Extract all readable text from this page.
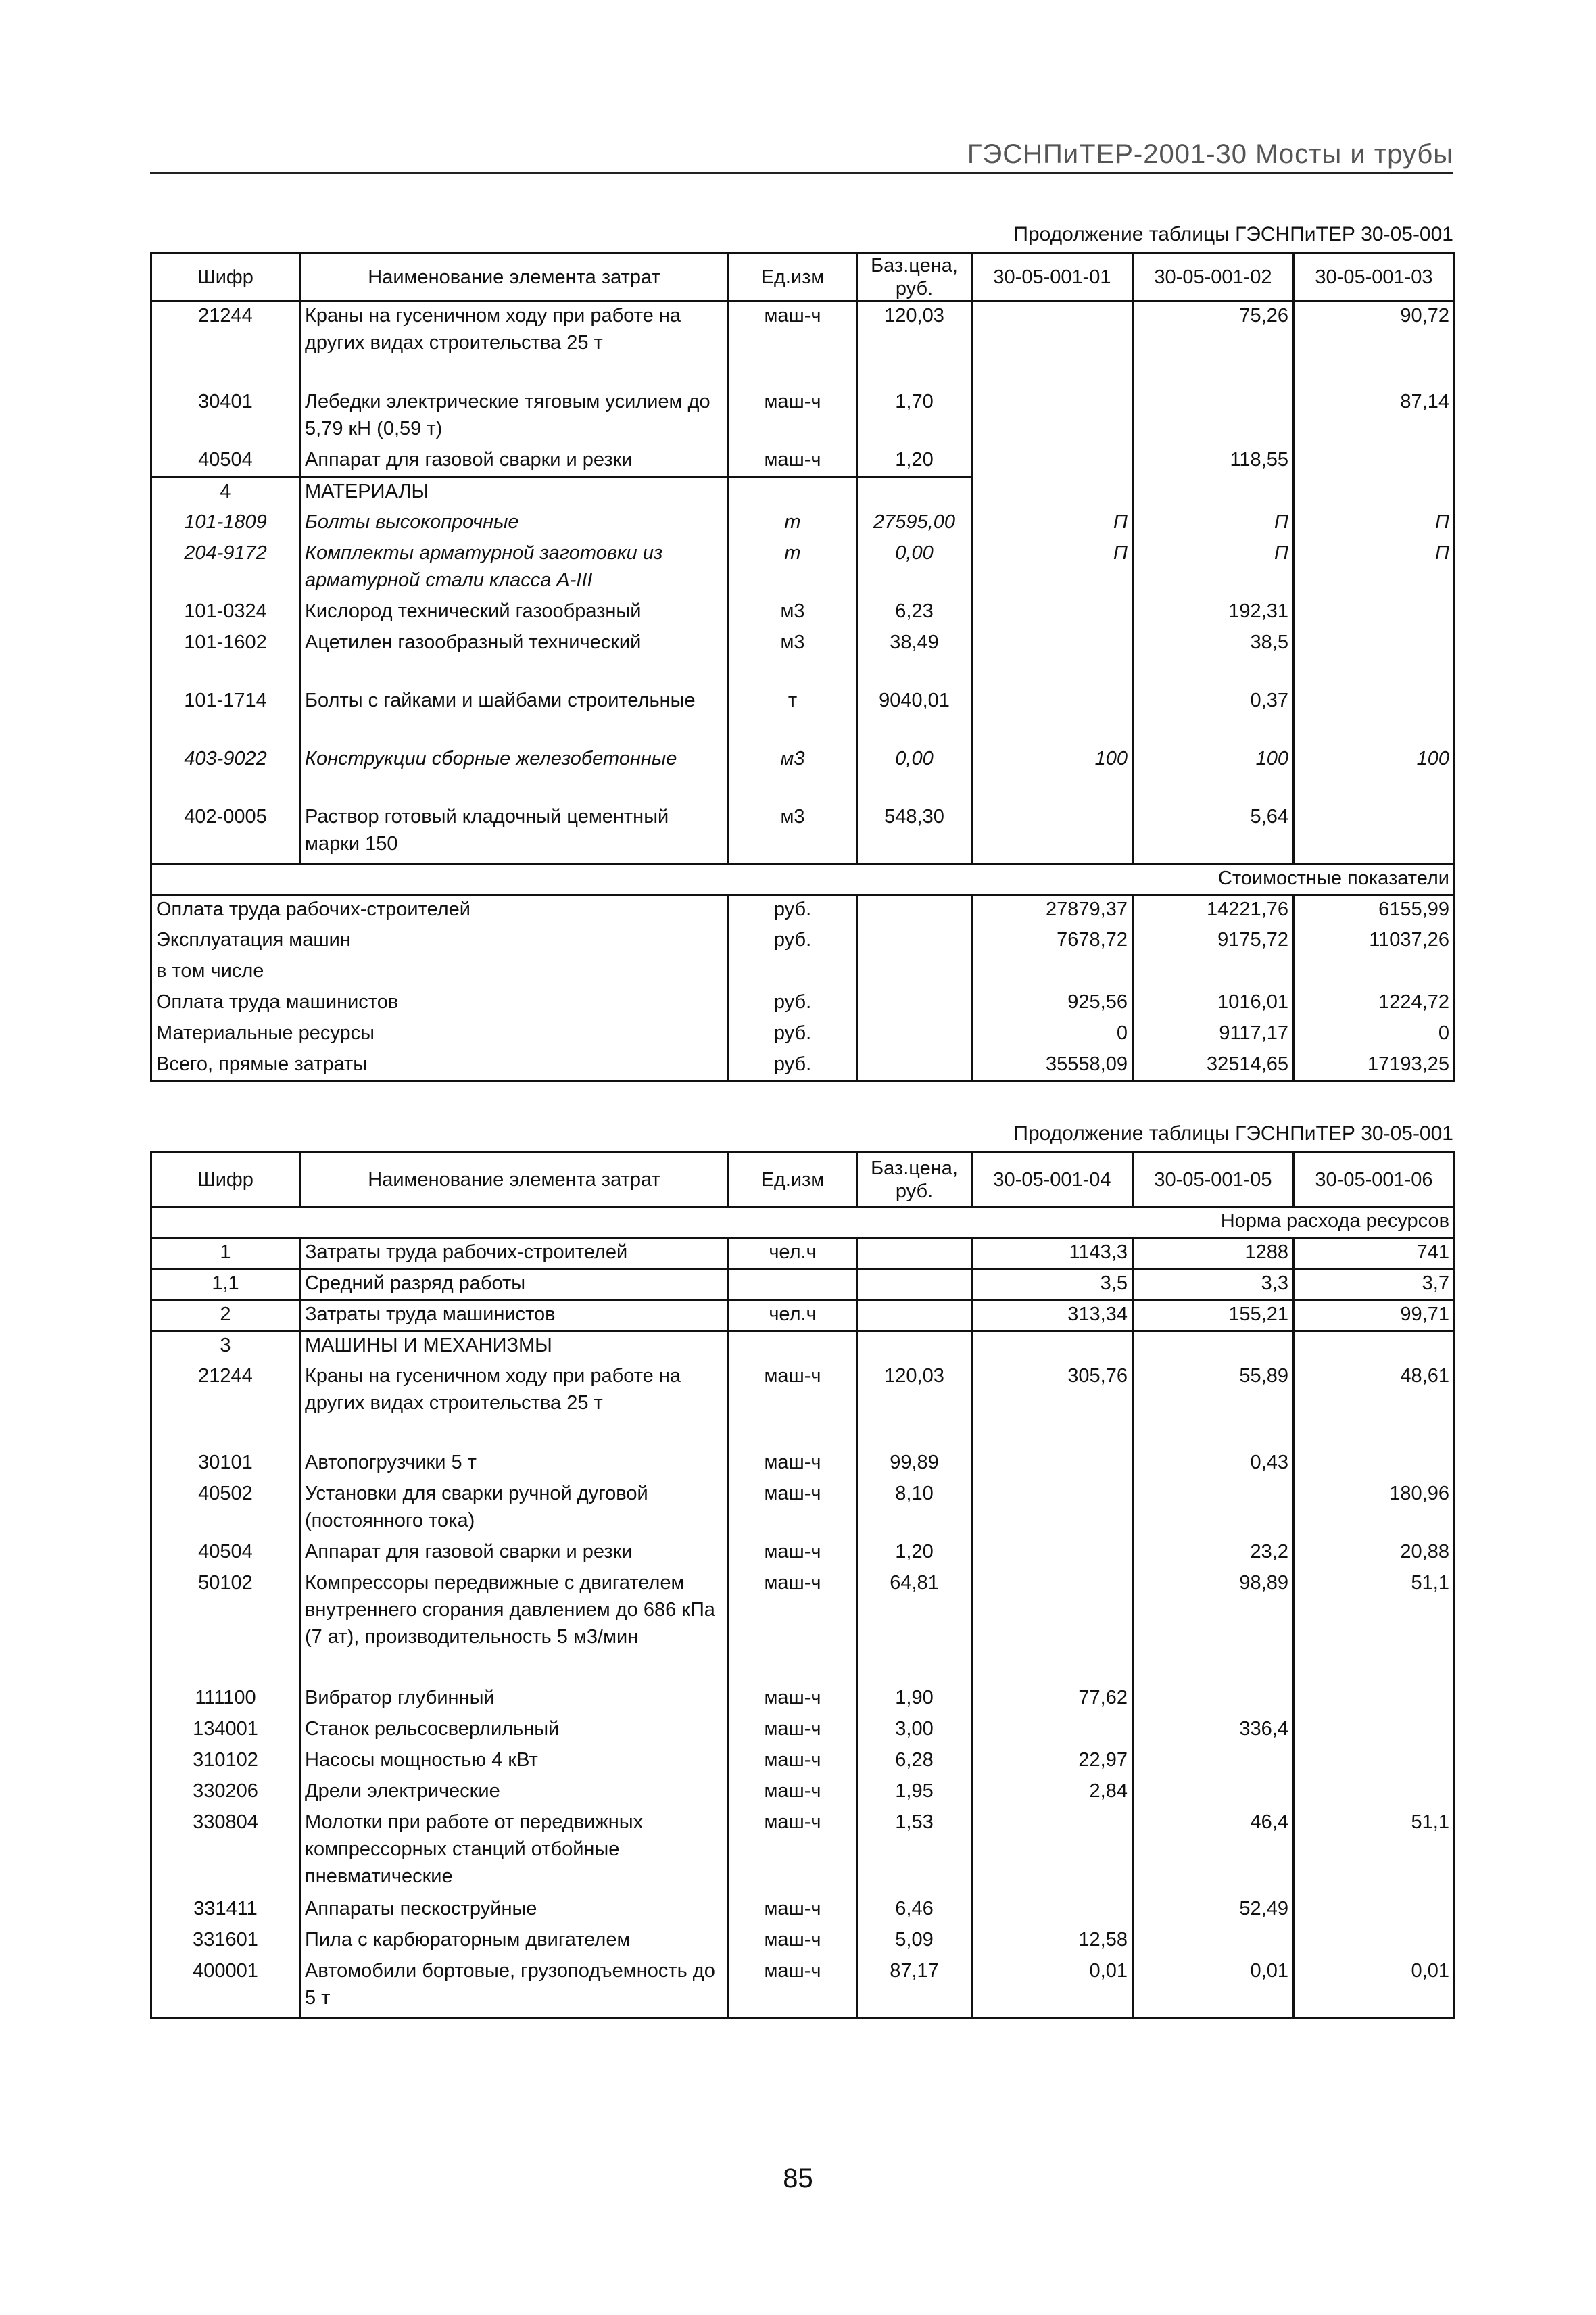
ГЭСНПиТЕР-2001-30 Мосты и трубы
Продолжение таблицы ГЭСНПиТЕР 30-05-001
Шифр	Наименование элемента затрат	Ед.изм	Баз.цена, руб.	30-05-001-01	30-05-001-02	30-05-001-03
21244	Краны на гусеничном ходу при работе на других видах строительства 25 т	маш-ч	120,03		75,26	90,72
30401	Лебедки электрические тяговым усилием до 5,79 кН (0,59 т)	маш-ч	1,70			87,14
40504	Аппарат для газовой сварки и резки	маш-ч	1,20		118,55	
4	МАТЕРИАЛЫ					
101-1809	Болты высокопрочные	т	27595,00	П	П	П
204-9172	Комплекты арматурной заготовки из арматурной стали класса А-III	т	0,00	П	П	П
101-0324	Кислород технический газообразный	м3	6,23		192,31	
101-1602	Ацетилен газообразный технический	м3	38,49		38,5	
101-1714	Болты с гайками и шайбами строительные	т	9040,01		0,37	
403-9022	Конструкции сборные железобетонные	м3	0,00	100	100	100
402-0005	Раствор готовый кладочный цементный марки 150	м3	548,30		5,64	
Стоимостные показатели						
Оплата труда рабочих-строителей		руб.		27879,37	14221,76	6155,99
Эксплуатация машин		руб.		7678,72	9175,72	11037,26
в том числе						
Оплата труда машинистов		руб.		925,56	1016,01	1224,72
Материальные ресурсы		руб.		0	9117,17	0
Всего, прямые затраты		руб.		35558,09	32514,65	17193,25
Продолжение таблицы ГЭСНПиТЕР 30-05-001
Шифр	Наименование элемента затрат	Ед.изм	Баз.цена, руб.	30-05-001-04	30-05-001-05	30-05-001-06
Норма расхода ресурсов						
1	Затраты труда рабочих-строителей	чел.ч		1143,3	1288	741
1,1	Средний разряд работы			3,5	3,3	3,7
2	Затраты труда машинистов	чел.ч		313,34	155,21	99,71
3	МАШИНЫ И МЕХАНИЗМЫ					
21244	Краны на гусеничном ходу при работе на других видах строительства 25 т	маш-ч	120,03	305,76	55,89	48,61
30101	Автопогрузчики 5 т	маш-ч	99,89		0,43	
40502	Установки для сварки ручной дуговой (постоянного тока)	маш-ч	8,10			180,96
40504	Аппарат для газовой сварки и резки	маш-ч	1,20		23,2	20,88
50102	Компрессоры передвижные с двигателем внутреннего сгорания давлением до 686 кПа (7 ат), производительность 5 м3/мин	маш-ч	64,81		98,89	51,1
111100	Вибратор глубинный	маш-ч	1,90	77,62		
134001	Станок рельсосверлильный	маш-ч	3,00		336,4	
310102	Насосы мощностью 4 кВт	маш-ч	6,28	22,97		
330206	Дрели электрические	маш-ч	1,95	2,84		
330804	Молотки при работе от передвижных компрессорных станций отбойные пневматические	маш-ч	1,53		46,4	51,1
331411	Аппараты пескоструйные	маш-ч	6,46		52,49	
331601	Пила с карбюраторным двигателем	маш-ч	5,09	12,58		
400001	Автомобили бортовые, грузоподъемность до 5 т	маш-ч	87,17	0,01	0,01	0,01
85
